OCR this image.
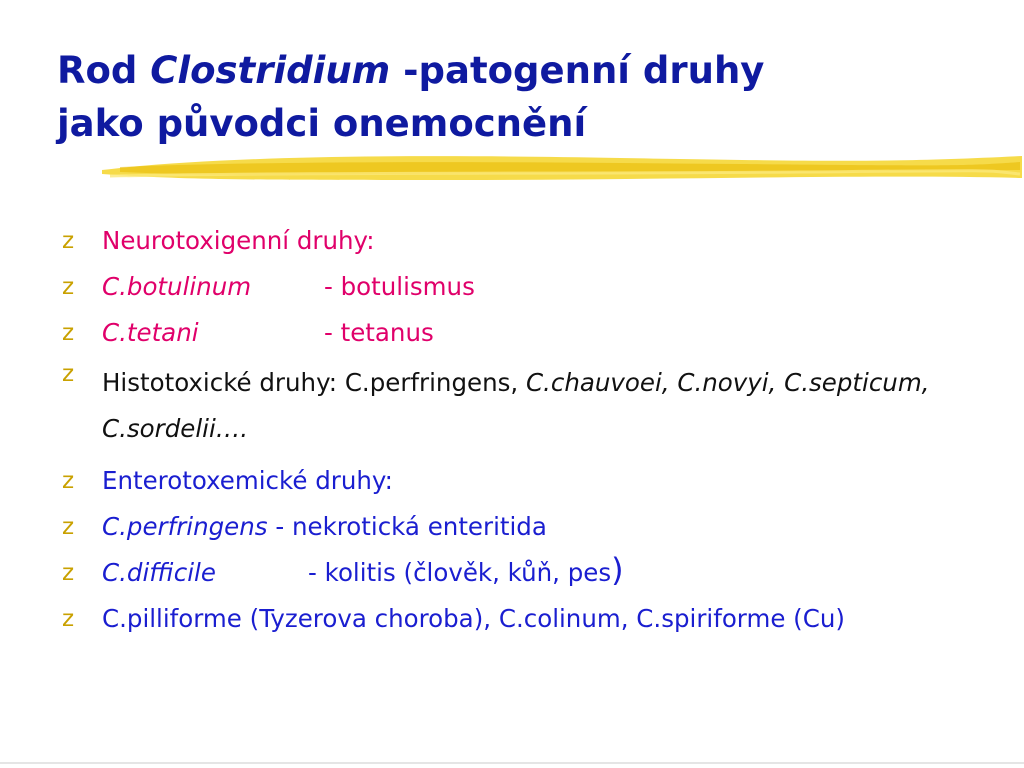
Rod Clostridium -patogenní druhy
jako původci onemocnění
z	Neurotoxigenní druhy:
z	C.botulinum	- botulismus
z	C.tetani	- tetanus
z	Histotoxické druhy: C.perfringens, C.chauvoei, C.novyi, C.septicum, C.sordelii….
z	Enterotoxemické druhy:
z	C.perfringens - nekrotická enteritida
z	C.difficile	- kolitis (člověk, kůň, pes)
z	C.pilliforme (Tyzerova choroba), C.colinum, C.spiriforme (Cu)
